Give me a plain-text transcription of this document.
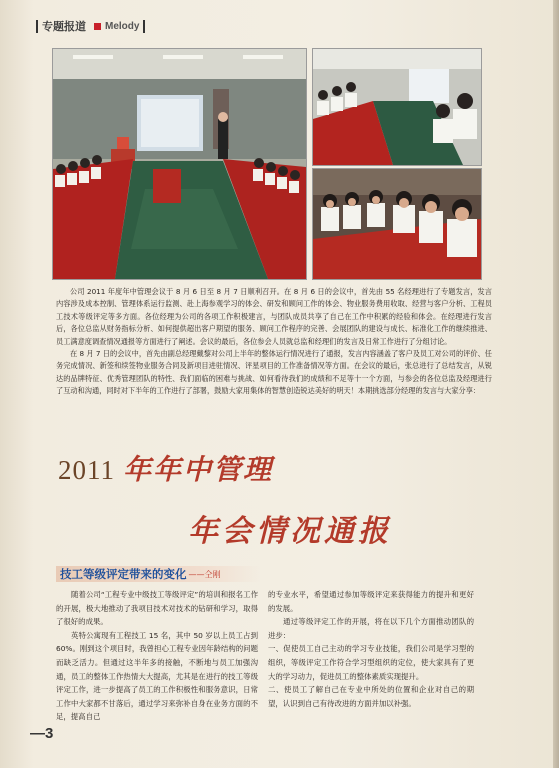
专题报道 Melody

公司 2011 年度年中管理会议于 8 月 6 日至 8 月 7 日顺利召开。在 8 月 6 日的会议中，首先由 55 名经理进行了专题发言，发言内容涉及成本控制、管理体系运行监测、赴上海参观学习的体会、研发和顾问工作的体会、物业服务费用收取、经营与客户分析、工程员工技术等级评定等多方面。各位经理为公司的各项工作积极建言，与团队成员共享了自己在工作中积累的经验和体会。在经理进行发言后，各位总监从财务指标分析、如何提供超出客户期望的服务、顾问工作程序的完善、会展团队的建设与成长、标准化工作的继续推进、员工满意度调查情况通报等方面进行了阐述。会议的最后，各位参会人员就总监和经理们的发言及日常工作进行了分组讨论。

在 8 月 7 日的会议中，首先由副总经理戴黎对公司上半年的整体运行情况进行了通报，发言内容涵盖了客户及员工对公司的评价、任务完成情况、新签和续签物业服务合同及新项目进驻情况、评星项目的工作准备情况等方面。在会议的最后，张总进行了总结发言，从锐达的品牌特征、优秀管理团队的特性、我们面临的困难与挑战、如何看待我们的成绩和不足等十一个方面，与参会的各位总监及经理进行了互动和沟通，同时对下半年的工作进行了部署，鼓励大家用集体的智慧创造锐达美好的明天！本期挑选部分经理的发言与大家分享：

2011 年年中管理
年会情况通报
技工等级评定带来的变化 ——仝刚

随着公司“工程专业中级技工等级评定”的培训和报名工作的开展，极大地推动了我项目技术对技术的钻研和学习，取得了很好的成果。

英特公寓现有工程技工 15 名，其中 50 岁以上员工占到 60%。刚到这个项目时，我曾担心工程专业因年龄结构的问题而缺乏活力。但通过这半年多的接触，不断地与员工加强沟通，员工的整体工作热情大大提高，尤其是在进行的技工等级评定工作，进一步提高了员工的工作积极性和服务意识，日常工作中大家都不甘落后，通过学习来弥补自身在业务方面的不足，提高自己

的专业水平，希望通过参加等级评定来获得能力的提升和更好的发展。

通过等级评定工作的开展，将在以下几个方面推动团队的进步：

一、促使员工自己主动的学习专业技能，我们公司是学习型的组织，等级评定工作符合学习型组织的定位，使大家具有了更大的学习动力，促进员工的整体素质实现提升。

二、使员工了解自己在专业中所处的位置和企业对自己的期望，认识到自己有待改进的方面并加以补强。

—3
